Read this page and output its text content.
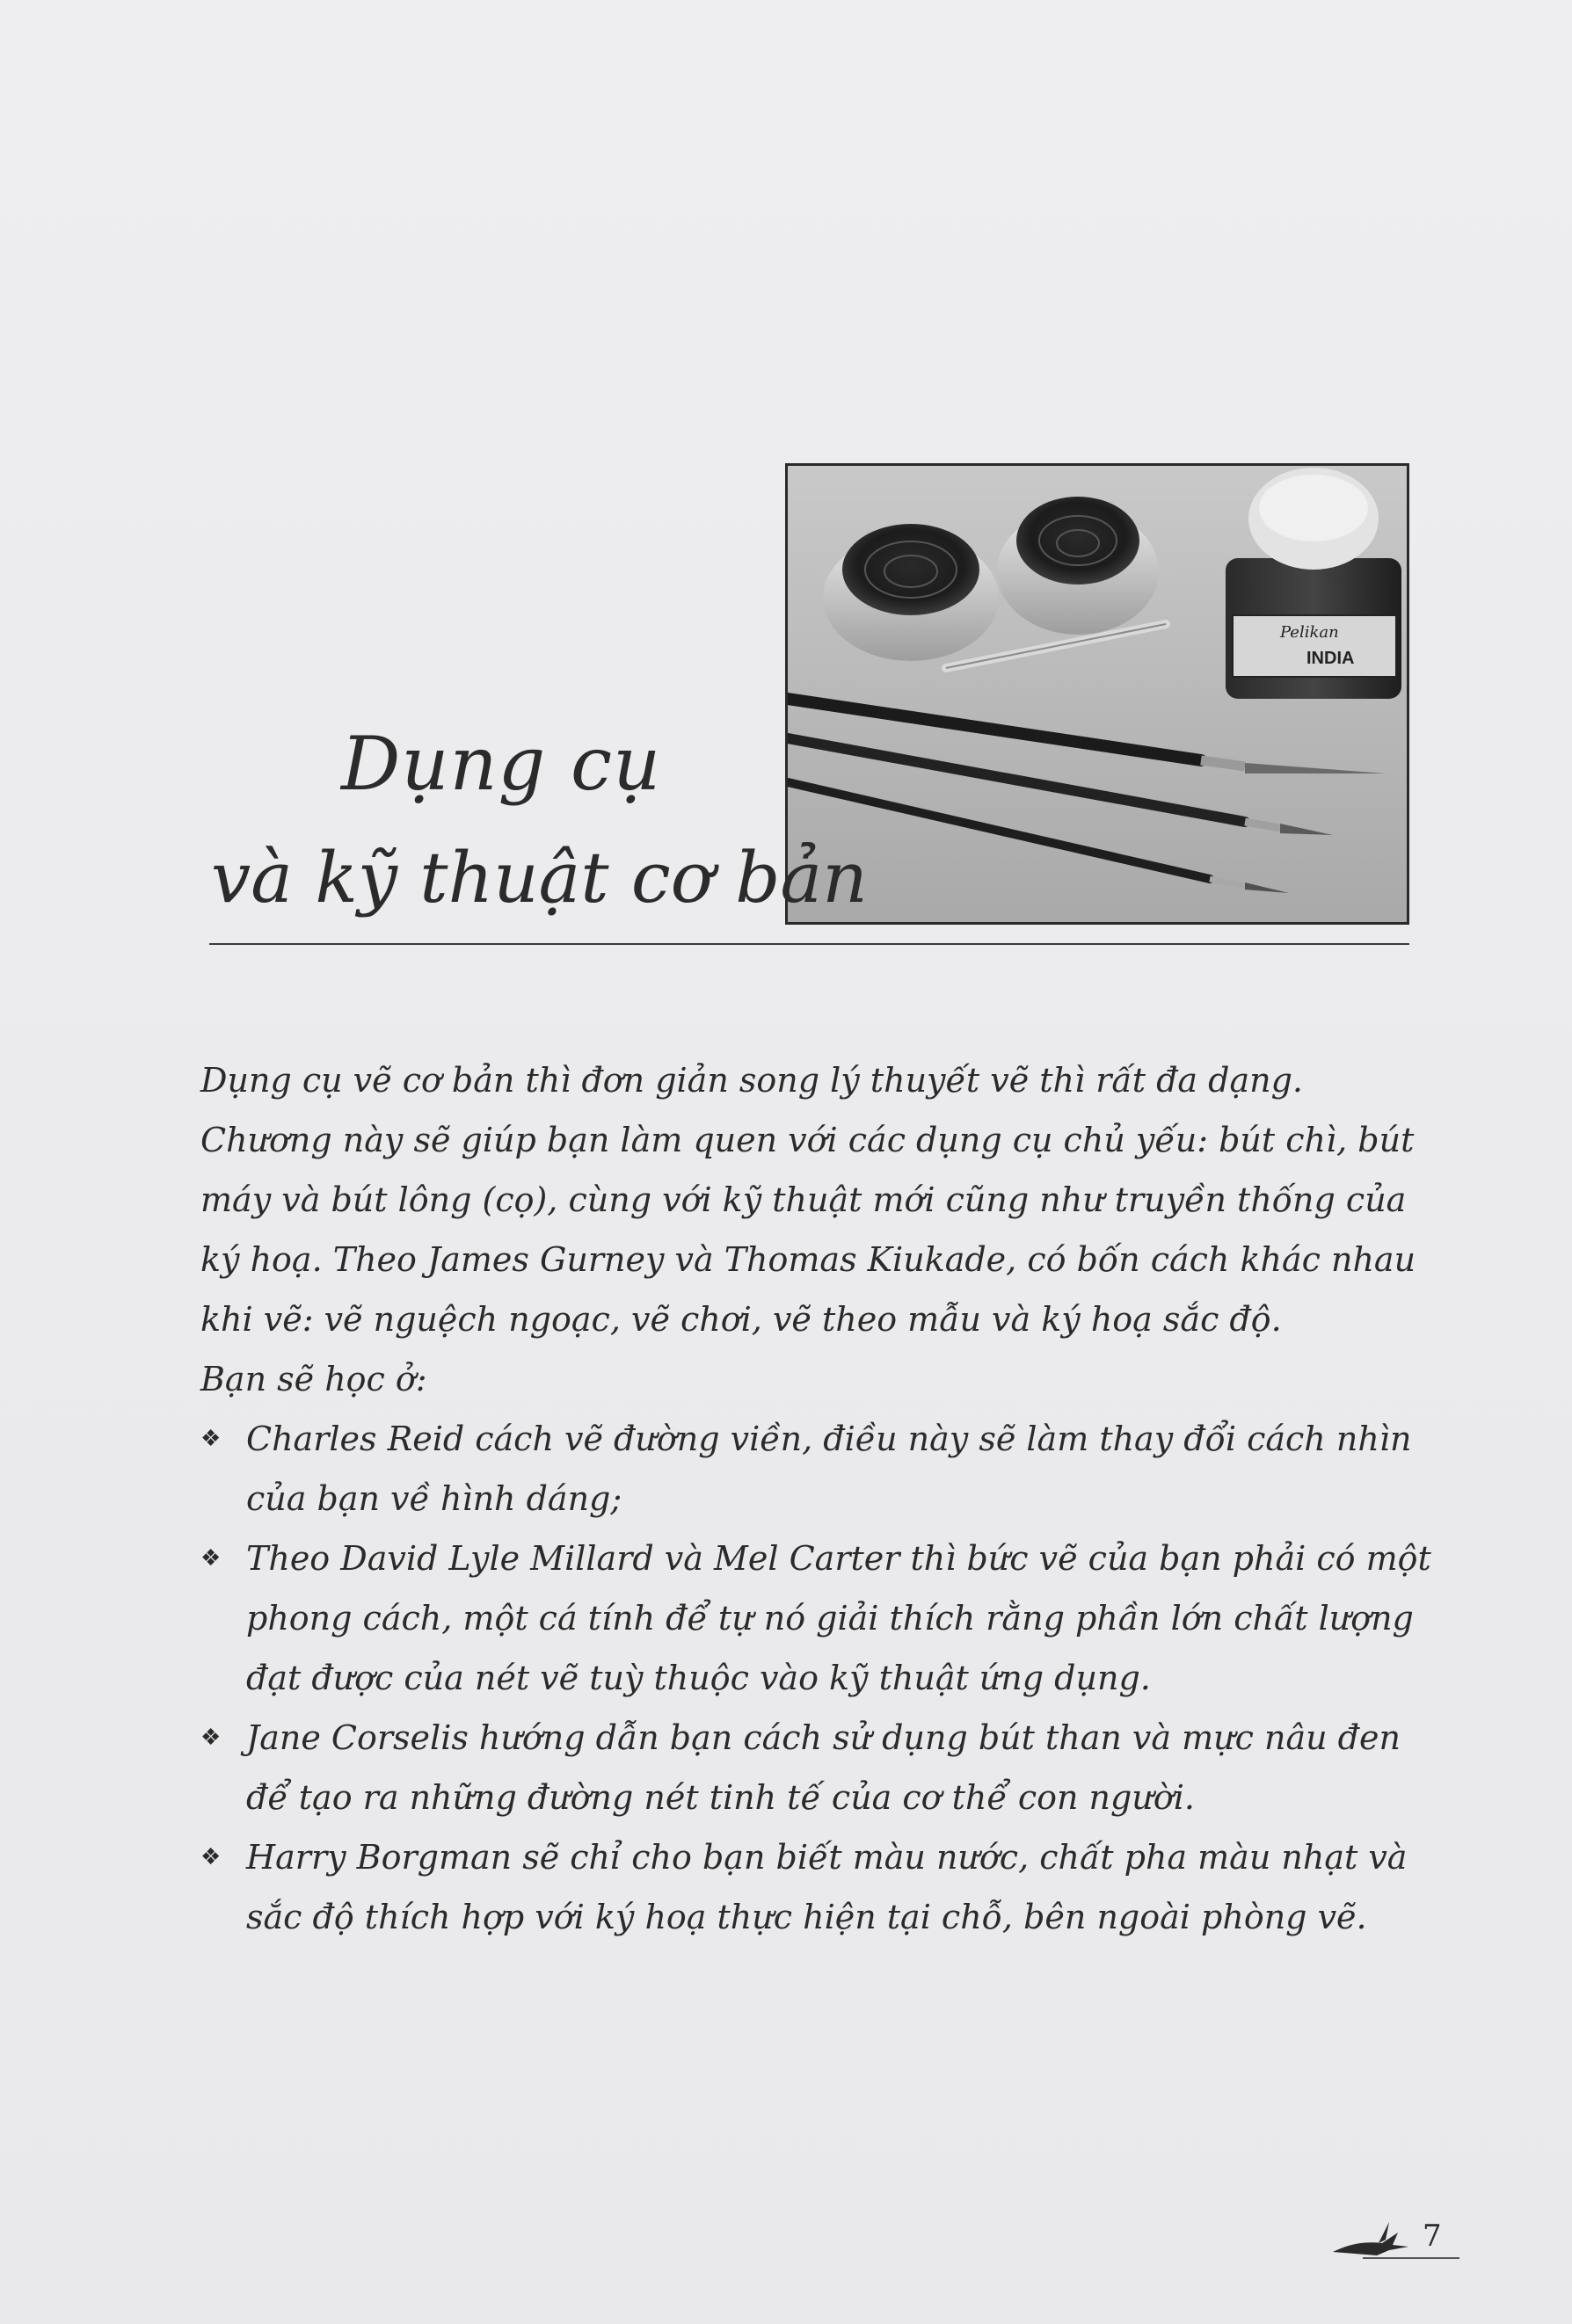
Pelikan
INDIA
Dụng cụ
và kỹ thuật cơ bản

Dụng cụ vẽ cơ bản thì đơn giản song lý thuyết vẽ thì rất đa dạng.

Chương này sẽ giúp bạn làm quen với các dụng cụ chủ yếu: bút chì, bút máy và bút lông (cọ), cùng với kỹ thuật mới cũng như truyền thống của ký hoạ. Theo James Gurney và Thomas Kiukade, có bốn cách khác nhau khi vẽ: vẽ nguệch ngoạc, vẽ chơi, vẽ theo mẫu và ký hoạ sắc độ.

Bạn sẽ học ở:

❖ Charles Reid cách vẽ đường viền, điều này sẽ làm thay đổi cách nhìn của bạn về hình dáng;
❖ Theo David Lyle Millard và Mel Carter thì bức vẽ của bạn phải có một phong cách, một cá tính để tự nó giải thích rằng phần lớn chất lượng đạt được của nét vẽ tuỳ thuộc vào kỹ thuật ứng dụng.
❖ Jane Corselis hướng dẫn bạn cách sử dụng bút than và mực nâu đen để tạo ra những đường nét tinh tế của cơ thể con người.
❖ Harry Borgman sẽ chỉ cho bạn biết màu nước, chất pha màu nhạt và sắc độ thích hợp với ký hoạ thực hiện tại chỗ, bên ngoài phòng vẽ.
7
